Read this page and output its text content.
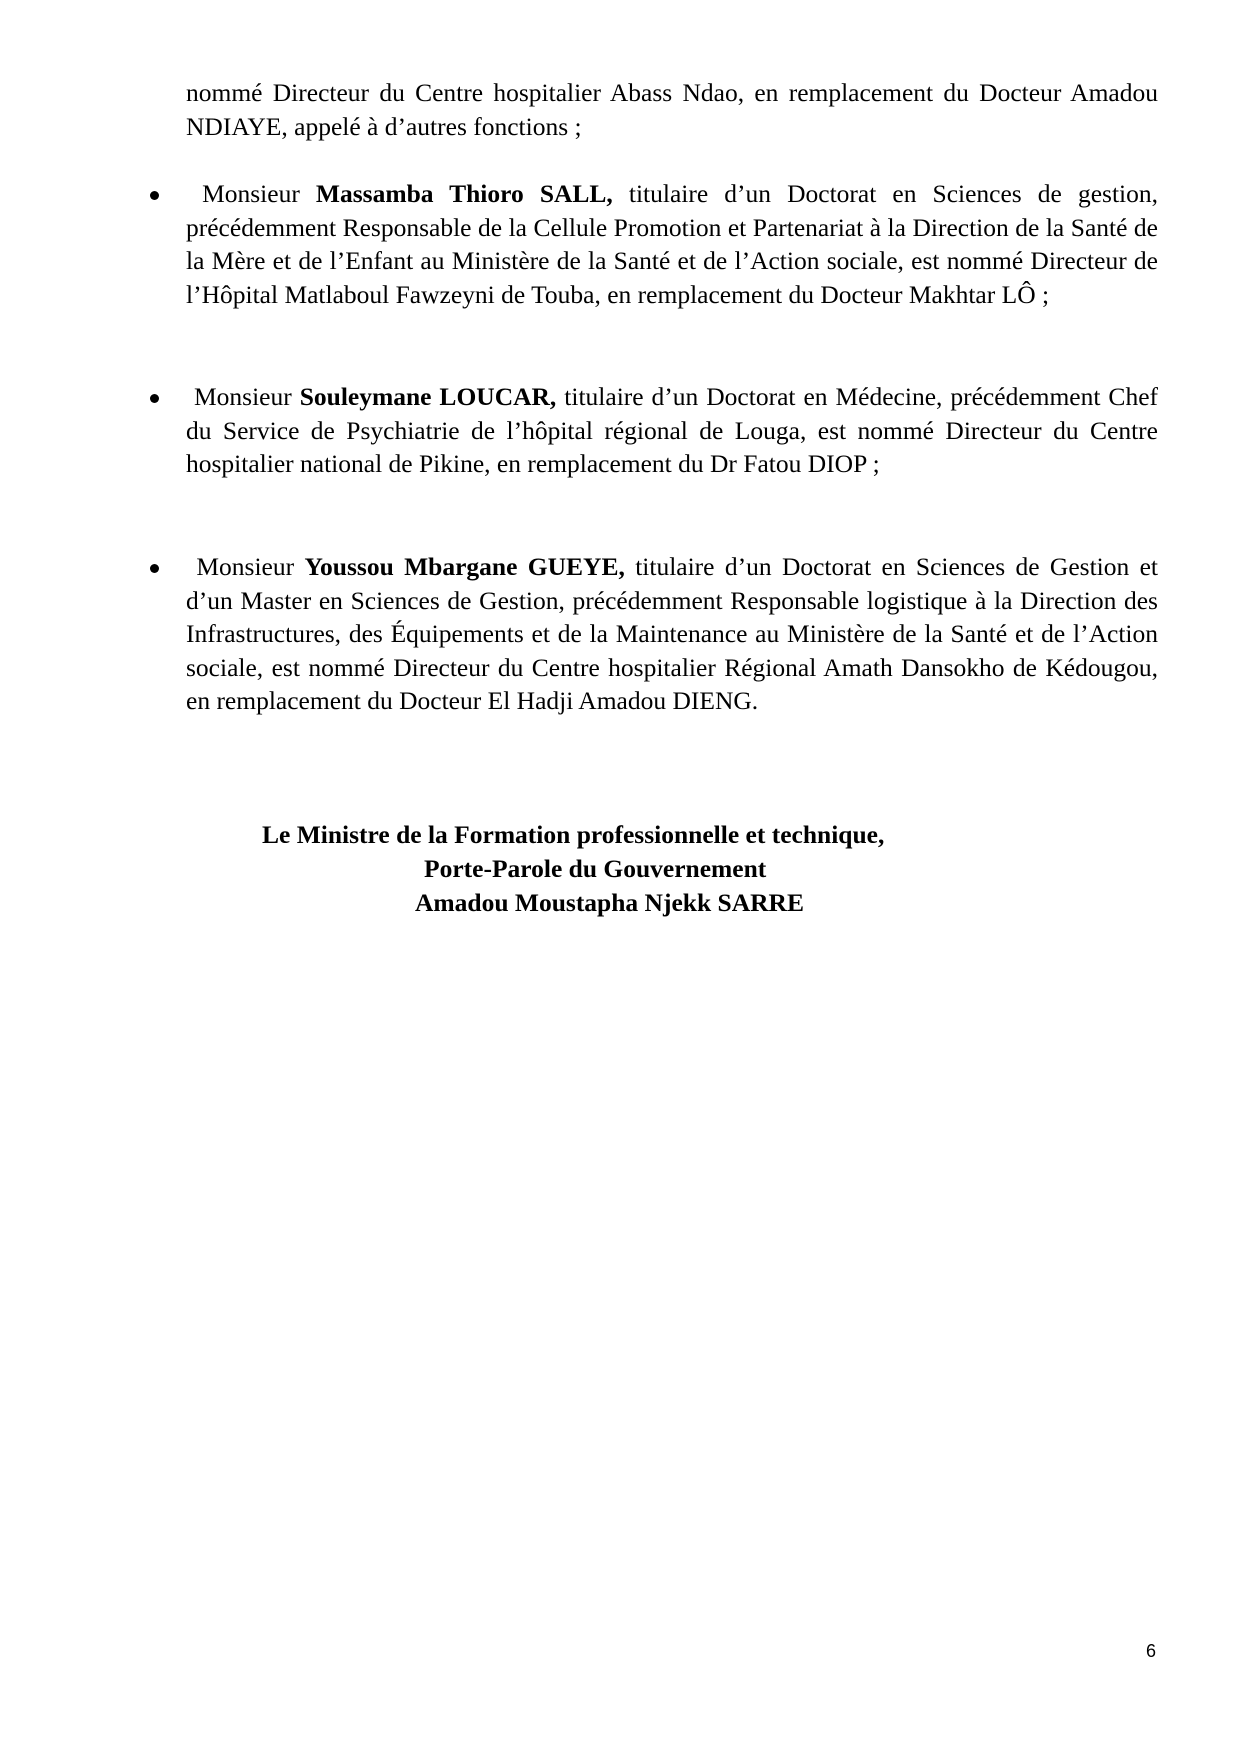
nommé Directeur du Centre hospitalier Abass Ndao, en remplacement du Docteur Amadou NDIAYE, appelé à d’autres fonctions ;

Monsieur Massamba Thioro SALL, titulaire d’un Doctorat en Sciences de gestion, précédemment Responsable de la Cellule Promotion et Partenariat à la Direction de la Santé de la Mère et de l’Enfant au Ministère de la Santé et de l’Action sociale, est nommé Directeur de l’Hôpital Matlaboul Fawzeyni de Touba, en remplacement du Docteur Makhtar LÔ ;

Monsieur Souleymane LOUCAR, titulaire d’un Doctorat en Médecine, précédemment Chef du Service de Psychiatrie de l’hôpital régional de Louga, est nommé Directeur du Centre hospitalier national de Pikine, en remplacement du Dr Fatou DIOP ;

Monsieur Youssou Mbargane GUEYE, titulaire d’un Doctorat en Sciences de Gestion et d’un Master en Sciences de Gestion, précédemment Responsable logistique à la Direction des Infrastructures, des Équipements et de la Maintenance au Ministère de la Santé et de l’Action sociale, est nommé Directeur du Centre hospitalier Régional Amath Dansokho de Kédougou, en remplacement du Docteur El Hadji Amadou DIENG.

Le Ministre de la Formation professionnelle et technique,
Porte-Parole du Gouvernement
Amadou Moustapha Njekk SARRE
6
